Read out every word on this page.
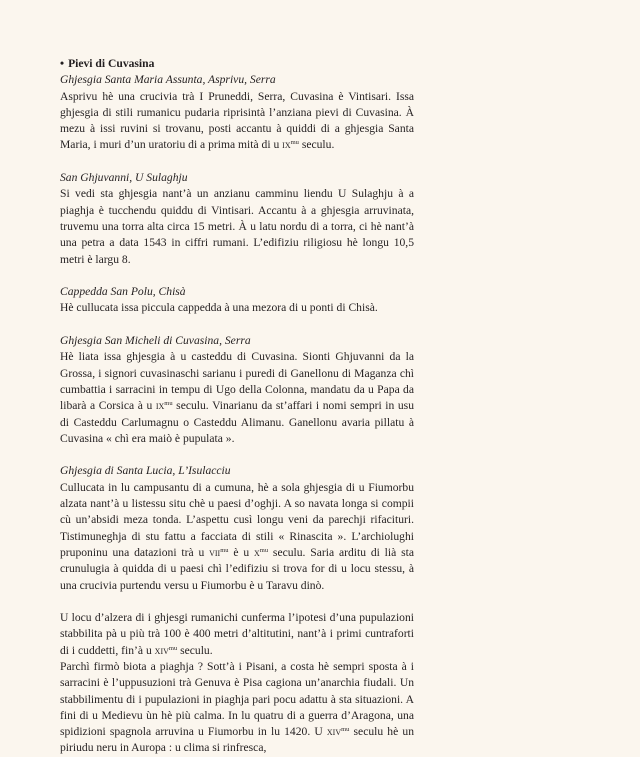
• Pievi di Cuvasina
Ghjesgia Santa Maria Assunta, Asprivu, Serra

Asprivu hè una crucivia trà I Pruneddi, Serra, Cuvasina è Vintisari. Issa ghjesgia di stili rumanicu pudaria riprisintà l’anziana pievi di Cuvasina. À mezu à issi ruvini si trovanu, posti accantu à quiddi di a ghjesgia Santa Maria, i muri d’un uratoriu di a prima mità di u $ix^{mu}$ seculu.

San Ghjuvanni, U Sulaghju

Si vedi sta ghjesgia nant’à un anzianu camminu liendu U Sulaghju à a piaghja è tucchendu quiddu di Vintisari. Accantu à a ghjesgia arruvinata, truvemu una torra alta circa 15 metri. À u latu nordu di a torra, ci hè nant’à una petra a data 1543 in ciffri rumani. L’edifiziu riligiosu hè longu 10,5 metri è largu 8.

Cappedda San Polu, Chisà

Hè cullucata issa piccula cappedda à una mezora di u ponti di Chisà.

Ghjesgia San Micheli di Cuvasina, Serra

Hè liata issa ghjesgia à u casteddu di Cuvasina. Sionti Ghjuvanni da la Grossa, i signori cuvasinaschi sarianu i puredi di Ganellonu di Maganza chì cumbattia i sarracini in tempu di Ugo della Colonna, mandatu da u Papa da libarà a Corsica à u $ix^{mu}$ seculu. Vinarianu da st’affari i nomi sempri in usu di Casteddu Carlumagnu o Casteddu Alimanu. Ganellonu avaria pillatu à Cuvasina « chì era maiò è pupulata ».

Ghjesgia di Santa Lucia, L’Isulacciu

Cullucata in lu campusantu di a cumuna, hè a sola ghjesgia di u Fiumorbu alzata nant’à u listessu situ chè u paesi d’oghji. A so navata longa si compii cù un’absidi meza tonda. L’aspettu cusì longu veni da parechji rifacituri. Tistimuneghja di stu fattu a facciata di stili « Rinascita ». L’archiolughi pruponinu una datazioni trà u vii$^{mu}$ è u $x^{mu}$ seculu. Saria arditu di lià sta crunulugia à quidda di u paesi chì l’edifiziu si trova for di u locu stessu, à una crucivia purtendu versu u Fiumorbu è u Taravu dinò.

U locu d’alzera di i ghjesgi rumanichi cunferma l’ipotesi d’una pupulazioni stabbilita pà u più trà 100 è 400 metri d’altitutini, nant’à i primi cuntraforti di i cuddetti, fin’à u xiv$^{mu}$ seculu.

Parchì firmò biota a piaghja ? Sott’à i Pisani, a costa hè sempri sposta à i sarracini è l’uppusuzioni trà Genuva è Pisa cagiona un’anarchia fiudali. Un stabbilimentu di i pupulazioni in piaghja pari pocu adattu à sta situazioni. A fini di u Medievu ùn hè più calma. In lu quatru di a guerra d’Aragona, una spidizioni spagnola arruvina u Fiumorbu in lu 1420. U xiv$^{mu}$ seculu hè un piriudu neru in Auropa : u clima si rinfresca,
